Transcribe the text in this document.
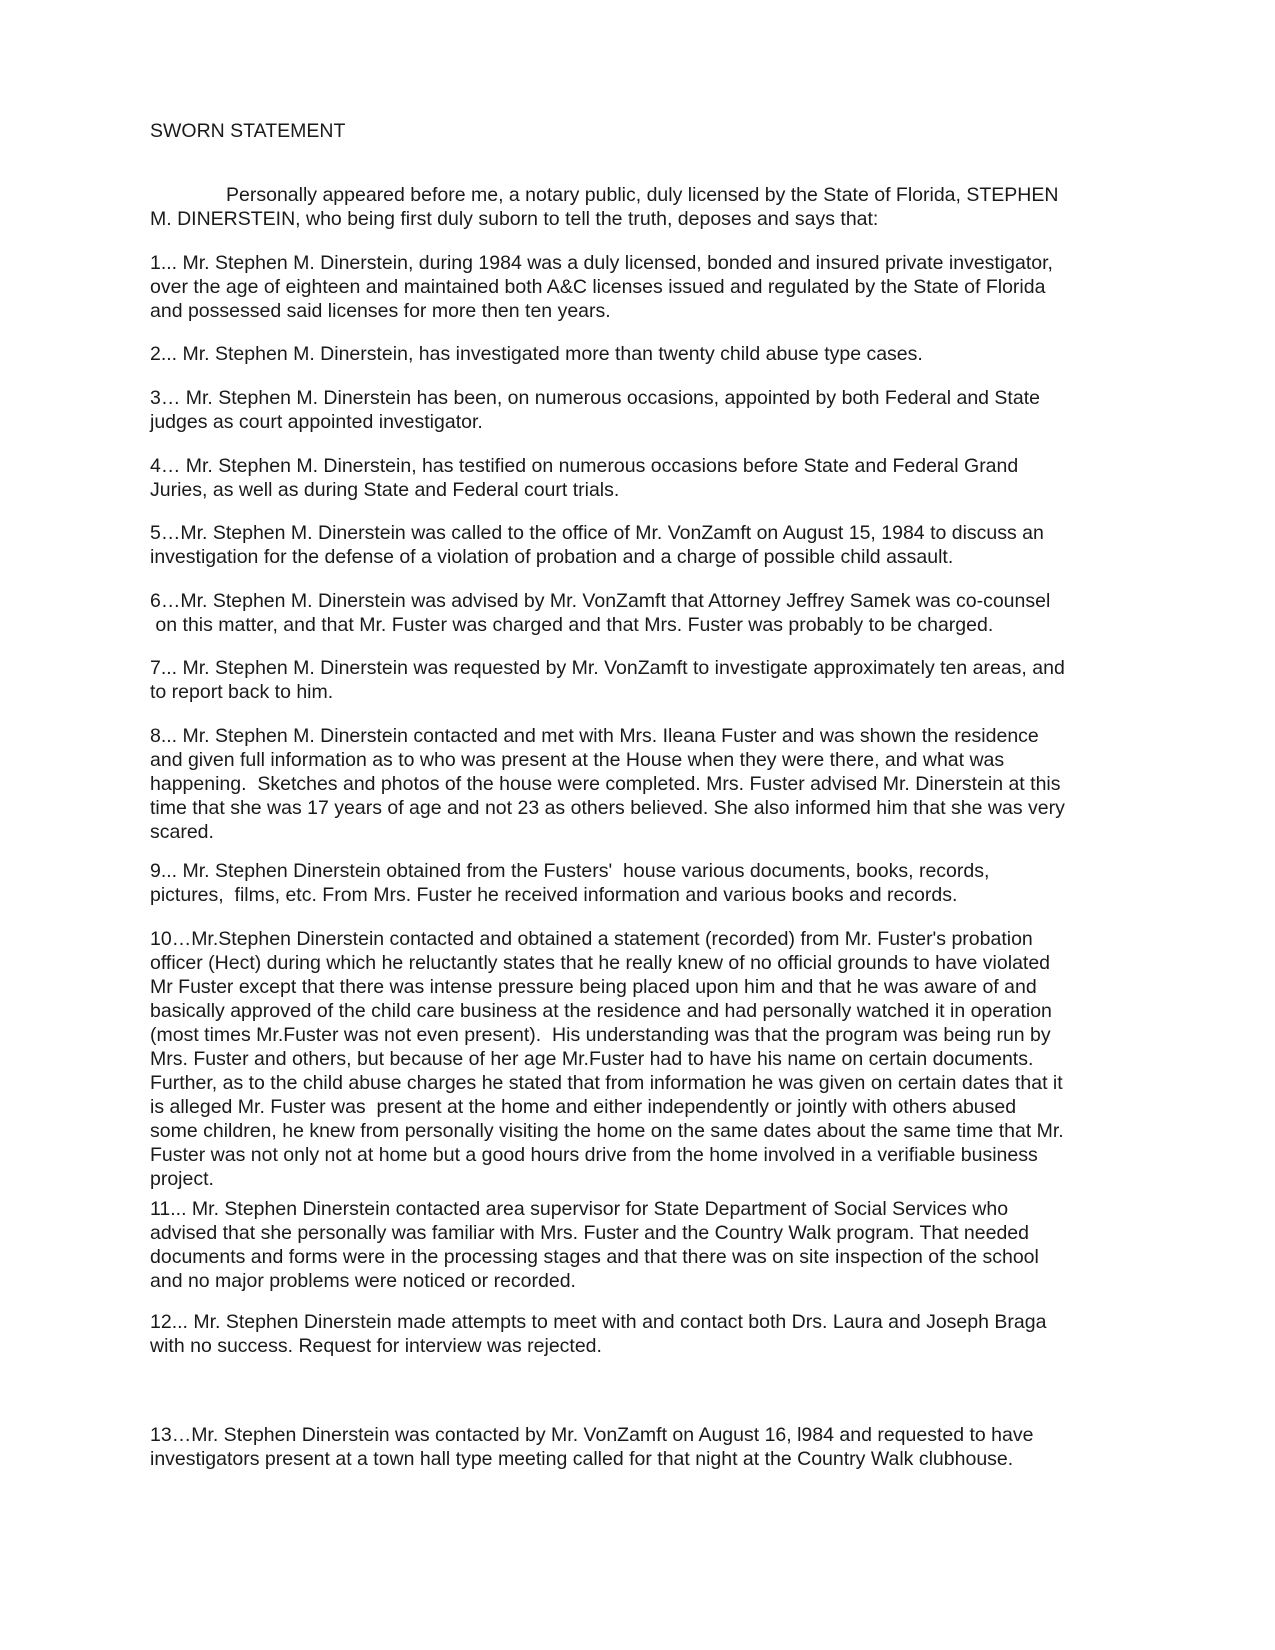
SWORN STATEMENT

Personally appeared before me, a notary public, duly licensed by the State of Florida, STEPHEN
M. DINERSTEIN, who being first duly suborn to tell the truth, deposes and says that:

1... Mr. Stephen M. Dinerstein, during 1984 was a duly licensed, bonded and insured private investigator,
over the age of eighteen and maintained both A&C licenses issued and regulated by the State of Florida
and possessed said licenses for more then ten years.

2... Mr. Stephen M. Dinerstein, has investigated more than twenty child abuse type cases.

3… Mr. Stephen M. Dinerstein has been, on numerous occasions, appointed by both Federal and State
judges as court appointed investigator.

4… Mr. Stephen M. Dinerstein, has testified on numerous occasions before State and Federal Grand
Juries, as well as during State and Federal court trials.

5…Mr. Stephen M. Dinerstein was called to the office of Mr. VonZamft on August 15, 1984 to discuss an
investigation for the defense of a violation of probation and a charge of possible child assault.

6…Mr. Stephen M. Dinerstein was advised by Mr. VonZamft that Attorney Jeffrey Samek was co-counsel
on this matter, and that Mr. Fuster was charged and that Mrs. Fuster was probably to be charged.

7... Mr. Stephen M. Dinerstein was requested by Mr. VonZamft to investigate approximately ten areas, and
to report back to him.

8... Mr. Stephen M. Dinerstein contacted and met with Mrs. Ileana Fuster and was shown the residence
and given full information as to who was present at the House when they were there, and what was
happening.  Sketches and photos of the house were completed. Mrs. Fuster advised Mr. Dinerstein at this
time that she was 17 years of age and not 23 as others believed. She also informed him that she was very
scared.

9... Mr. Stephen Dinerstein obtained from the Fusters'  house various documents, books, records,
pictures,  films, etc. From Mrs. Fuster he received information and various books and records.

10…Mr.Stephen Dinerstein contacted and obtained a statement (recorded) from Mr. Fuster's probation
officer (Hect) during which he reluctantly states that he really knew of no official grounds to have violated
Mr Fuster except that there was intense pressure being placed upon him and that he was aware of and
basically approved of the child care business at the residence and had personally watched it in operation
(most times Mr.Fuster was not even present).  His understanding was that the program was being run by
Mrs. Fuster and others, but because of her age Mr.Fuster had to have his name on certain documents.
Further, as to the child abuse charges he stated that from information he was given on certain dates that it
is alleged Mr. Fuster was  present at the home and either independently or jointly with others abused
some children, he knew from personally visiting the home on the same dates about the same time that Mr.
Fuster was not only not at home but a good hours drive from the home involved in a verifiable business
project.

11... Mr. Stephen Dinerstein contacted area supervisor for State Department of Social Services who
advised that she personally was familiar with Mrs. Fuster and the Country Walk program. That needed
documents and forms were in the processing stages and that there was on site inspection of the school
and no major problems were noticed or recorded.

12... Mr. Stephen Dinerstein made attempts to meet with and contact both Drs. Laura and Joseph Braga
with no success. Request for interview was rejected.

13…Mr. Stephen Dinerstein was contacted by Mr. VonZamft on August 16, l984 and requested to have
investigators present at a town hall type meeting called for that night at the Country Walk clubhouse.
